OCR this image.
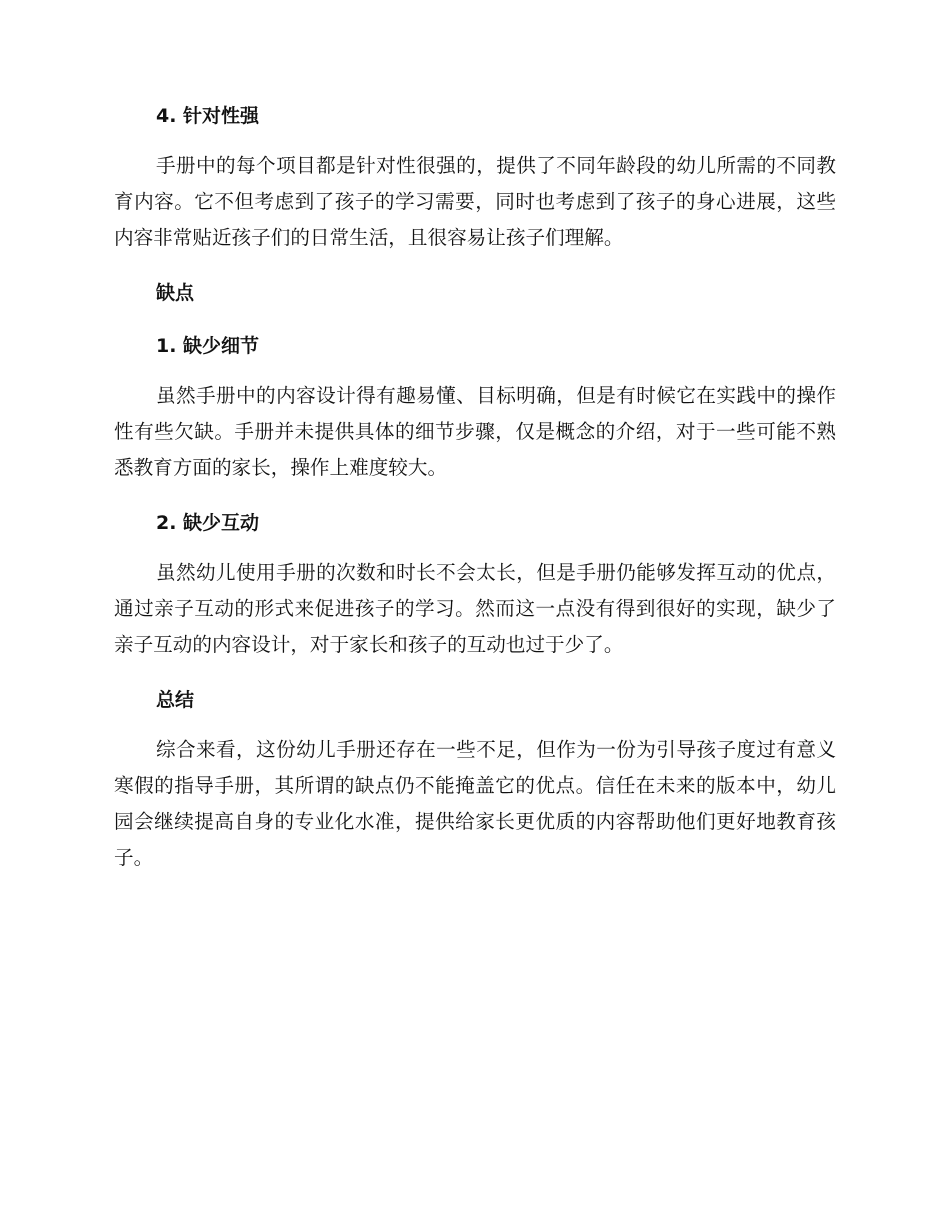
4. 针对性强

手册中的每个项目都是针对性很强的，提供了不同年龄段的幼儿所需的不同教育内容。它不但考虑到了孩子的学习需要，同时也考虑到了孩子的身心进展，这些内容非常贴近孩子们的日常生活，且很容易让孩子们理解。

缺点
1. 缺少细节

虽然手册中的内容设计得有趣易懂、目标明确，但是有时候它在实践中的操作性有些欠缺。手册并未提供具体的细节步骤，仅是概念的介绍，对于一些可能不熟悉教育方面的家长，操作上难度较大。

2. 缺少互动

虽然幼儿使用手册的次数和时长不会太长，但是手册仍能够发挥互动的优点，通过亲子互动的形式来促进孩子的学习。然而这一点没有得到很好的实现，缺少了亲子互动的内容设计，对于家长和孩子的互动也过于少了。

总结

综合来看，这份幼儿手册还存在一些不足，但作为一份为引导孩子度过有意义寒假的指导手册，其所谓的缺点仍不能掩盖它的优点。信任在未来的版本中，幼儿园会继续提高自身的专业化水准，提供给家长更优质的内容帮助他们更好地教育孩子。
